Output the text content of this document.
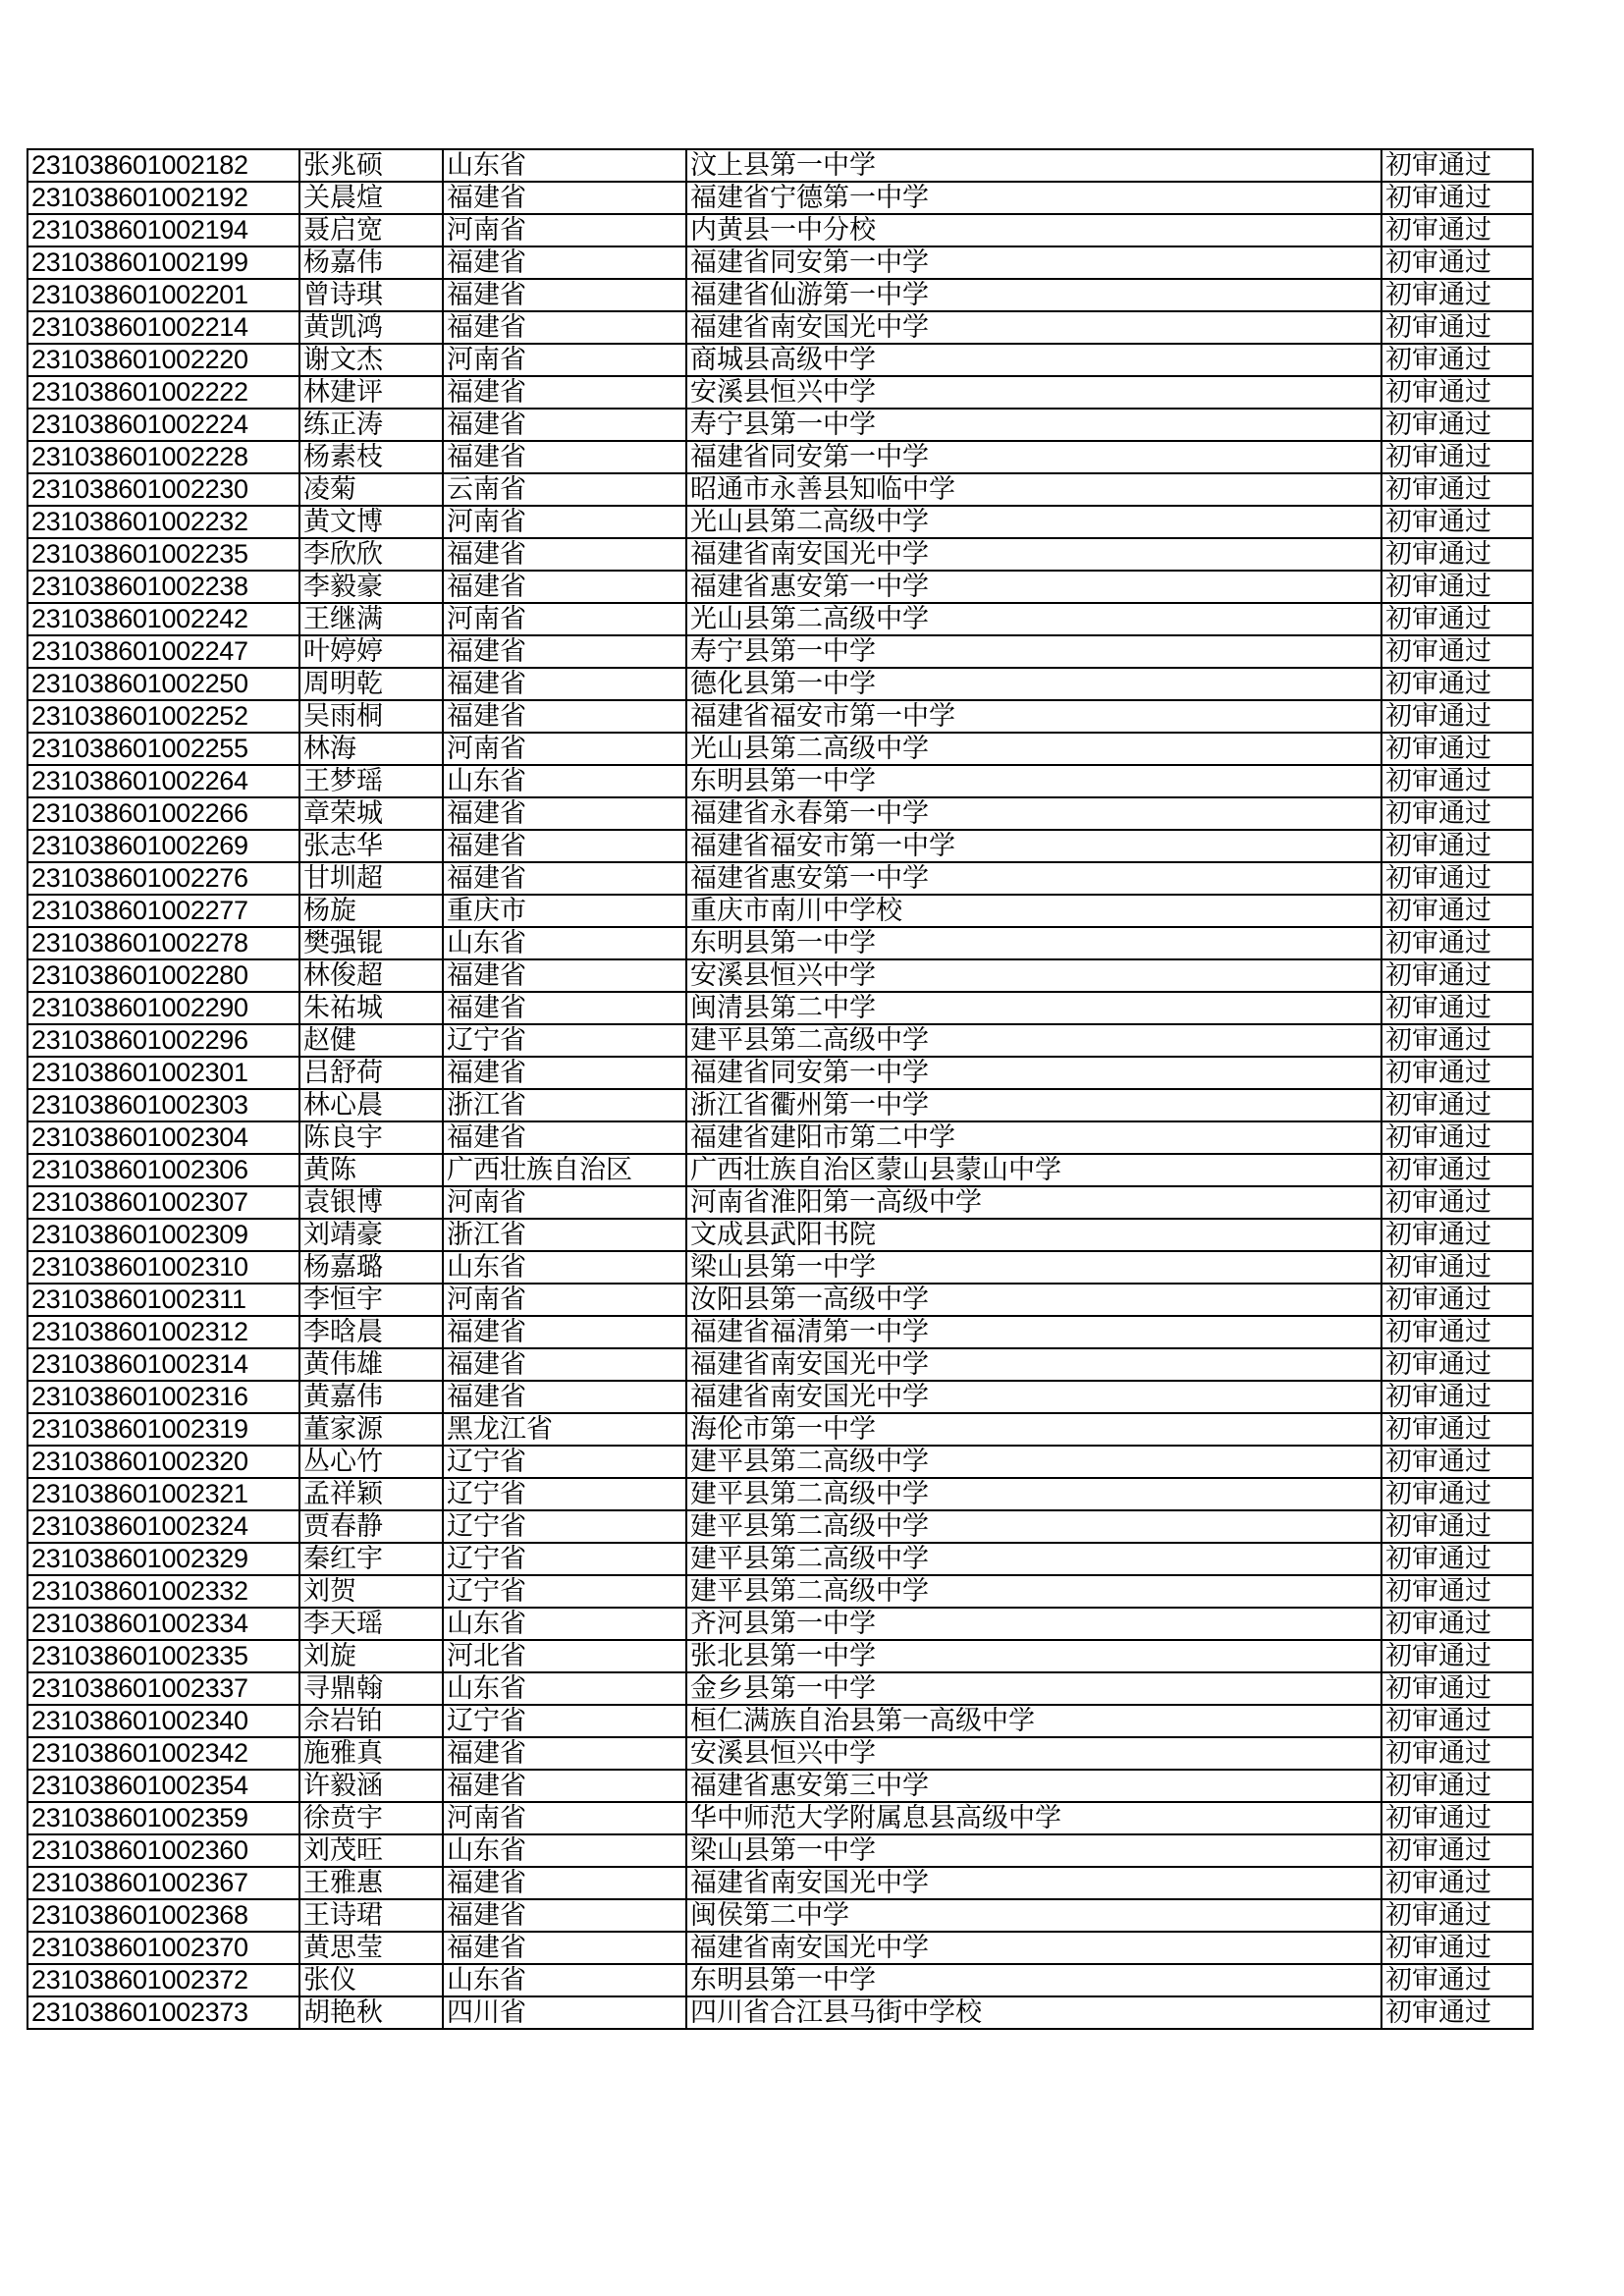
231038601002182	张兆硕	山东省	汶上县第一中学	初审通过
231038601002192	关晨煊	福建省	福建省宁德第一中学	初审通过
231038601002194	聂启宽	河南省	内黄县一中分校	初审通过
231038601002199	杨嘉伟	福建省	福建省同安第一中学	初审通过
231038601002201	曾诗琪	福建省	福建省仙游第一中学	初审通过
231038601002214	黄凯鸿	福建省	福建省南安国光中学	初审通过
231038601002220	谢文杰	河南省	商城县高级中学	初审通过
231038601002222	林建评	福建省	安溪县恒兴中学	初审通过
231038601002224	练正涛	福建省	寿宁县第一中学	初审通过
231038601002228	杨素枝	福建省	福建省同安第一中学	初审通过
231038601002230	凌菊	云南省	昭通市永善县知临中学	初审通过
231038601002232	黄文博	河南省	光山县第二高级中学	初审通过
231038601002235	李欣欣	福建省	福建省南安国光中学	初审通过
231038601002238	李毅豪	福建省	福建省惠安第一中学	初审通过
231038601002242	王继满	河南省	光山县第二高级中学	初审通过
231038601002247	叶婷婷	福建省	寿宁县第一中学	初审通过
231038601002250	周明乾	福建省	德化县第一中学	初审通过
231038601002252	吴雨桐	福建省	福建省福安市第一中学	初审通过
231038601002255	林海	河南省	光山县第二高级中学	初审通过
231038601002264	王梦瑶	山东省	东明县第一中学	初审通过
231038601002266	章荣城	福建省	福建省永春第一中学	初审通过
231038601002269	张志华	福建省	福建省福安市第一中学	初审通过
231038601002276	甘圳超	福建省	福建省惠安第一中学	初审通过
231038601002277	杨旋	重庆市	重庆市南川中学校	初审通过
231038601002278	樊强锟	山东省	东明县第一中学	初审通过
231038601002280	林俊超	福建省	安溪县恒兴中学	初审通过
231038601002290	朱祐城	福建省	闽清县第二中学	初审通过
231038601002296	赵健	辽宁省	建平县第二高级中学	初审通过
231038601002301	吕舒荷	福建省	福建省同安第一中学	初审通过
231038601002303	林心晨	浙江省	浙江省衢州第一中学	初审通过
231038601002304	陈良宇	福建省	福建省建阳市第二中学	初审通过
231038601002306	黄陈	广西壮族自治区	广西壮族自治区蒙山县蒙山中学	初审通过
231038601002307	袁银博	河南省	河南省淮阳第一高级中学	初审通过
231038601002309	刘靖豪	浙江省	文成县武阳书院	初审通过
231038601002310	杨嘉璐	山东省	梁山县第一中学	初审通过
231038601002311	李恒宇	河南省	汝阳县第一高级中学	初审通过
231038601002312	李晗晨	福建省	福建省福清第一中学	初审通过
231038601002314	黄伟雄	福建省	福建省南安国光中学	初审通过
231038601002316	黄嘉伟	福建省	福建省南安国光中学	初审通过
231038601002319	董家源	黑龙江省	海伦市第一中学	初审通过
231038601002320	丛心竹	辽宁省	建平县第二高级中学	初审通过
231038601002321	孟祥颖	辽宁省	建平县第二高级中学	初审通过
231038601002324	贾春静	辽宁省	建平县第二高级中学	初审通过
231038601002329	秦红宇	辽宁省	建平县第二高级中学	初审通过
231038601002332	刘贺	辽宁省	建平县第二高级中学	初审通过
231038601002334	李天瑶	山东省	齐河县第一中学	初审通过
231038601002335	刘旋	河北省	张北县第一中学	初审通过
231038601002337	寻鼎翰	山东省	金乡县第一中学	初审通过
231038601002340	佘岩铂	辽宁省	桓仁满族自治县第一高级中学	初审通过
231038601002342	施雅真	福建省	安溪县恒兴中学	初审通过
231038601002354	许毅涵	福建省	福建省惠安第三中学	初审通过
231038601002359	徐贲宇	河南省	华中师范大学附属息县高级中学	初审通过
231038601002360	刘茂旺	山东省	梁山县第一中学	初审通过
231038601002367	王雅惠	福建省	福建省南安国光中学	初审通过
231038601002368	王诗珺	福建省	闽侯第二中学	初审通过
231038601002370	黄思莹	福建省	福建省南安国光中学	初审通过
231038601002372	张仪	山东省	东明县第一中学	初审通过
231038601002373	胡艳秋	四川省	四川省合江县马街中学校	初审通过
